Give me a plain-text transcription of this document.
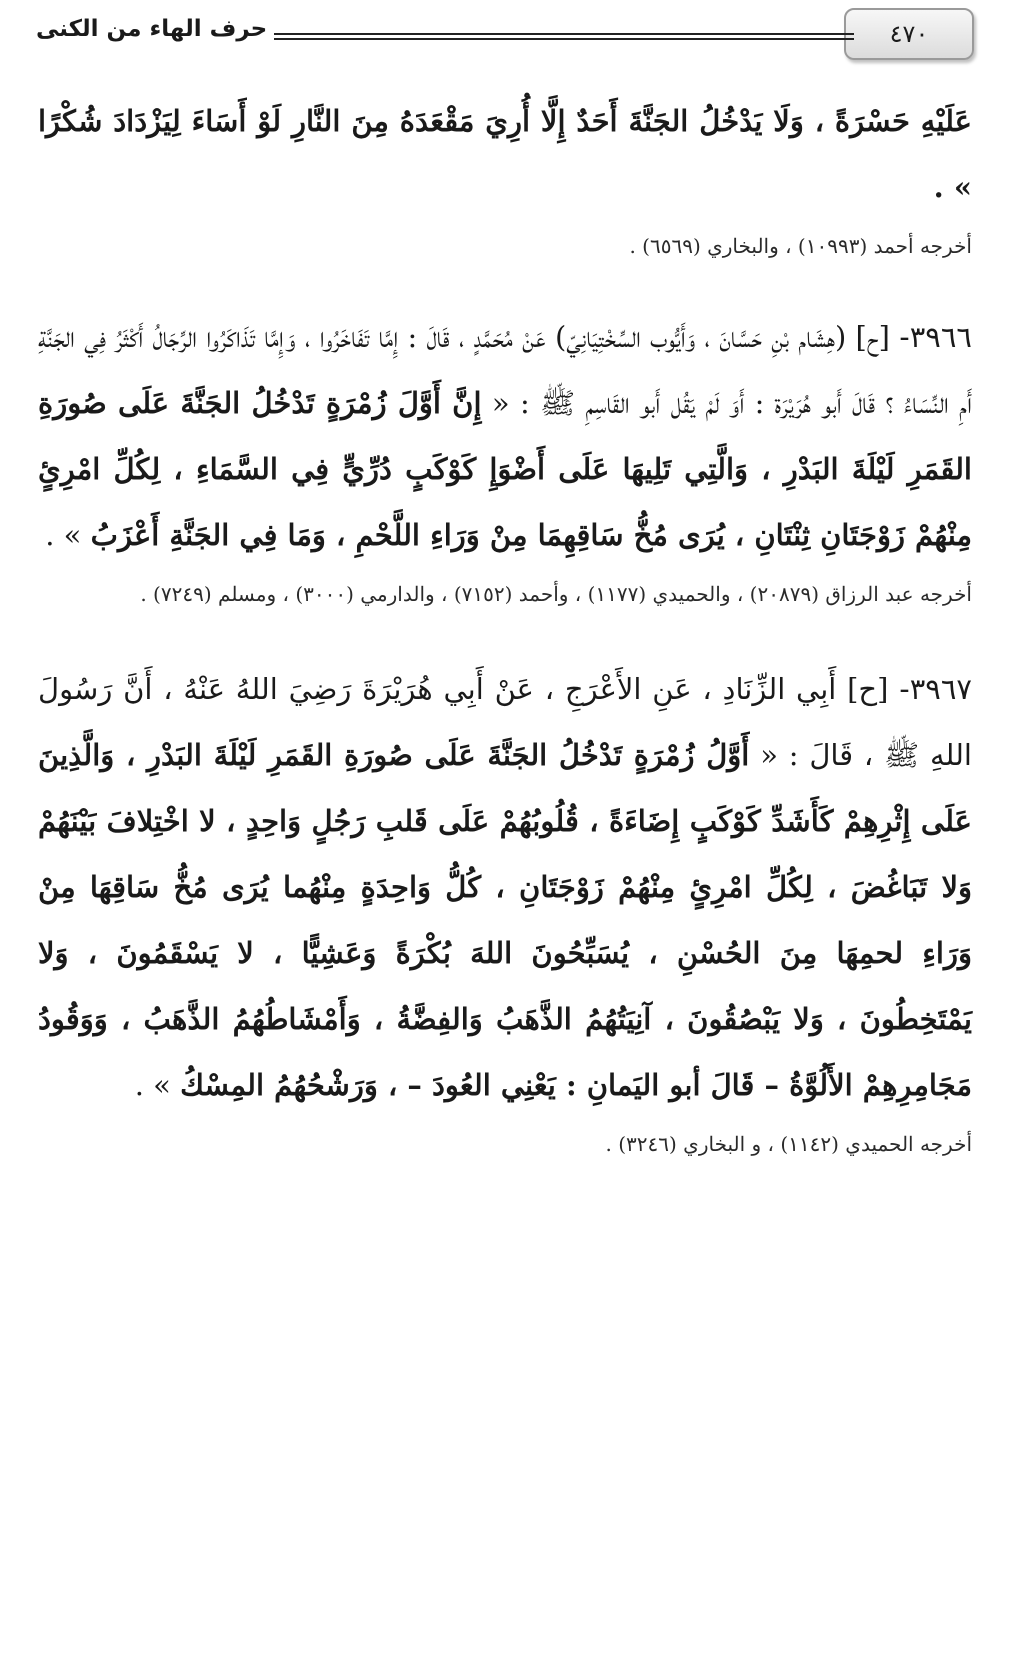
٤٧٠
حرف الهاء من الكنى

عَلَيْهِ حَسْرَةً ، وَلَا يَدْخُلُ الجَنَّةَ أَحَدٌ إِلَّا أُرِيَ مَقْعَدَهُ مِنَ النَّارِ لَوْ أَسَاءَ لِيَزْدَادَ شُكْرًا » .

أخرجه أحمد (١٠٩٩٣) ، والبخاري (٦٥٦٩) .

٣٩٦٦- [ح] (هِشَام بْنِ حَسَّانَ ، وَأَيُّوب السِّخْتِيَانِيّ) عَنْ مُحَمَّدٍ ، قَالَ : إِمَّا تَفَاخَرُوا ، وَإِمَّا تَذَاكَرُوا الرِّجَالُ أَكْثَرُ فِي الجَنَّةِ أَمِ النِّسَاءُ ؟ قَالَ أَبو هُرَيْرَة : أَوَ لَمْ يَقُل أَبو القَاسِمِ ﷺ : « إِنَّ أَوَّلَ زُمْرَةٍ تَدْخُلُ الجَنَّةَ عَلَى صُورَةِ القَمَرِ لَيْلَةَ البَدْرِ ، وَالَّتِي تَلِيهَا عَلَى أَضْوَإِ كَوْكَبٍ دُرِّيٍّ فِي السَّمَاءِ ، لِكُلِّ امْرِئٍ مِنْهُمْ زَوْجَتَانِ ثِنْتَانِ ، يُرَى مُخُّ سَاقِهِمَا مِنْ وَرَاءِ اللَّحْمِ ، وَمَا فِي الجَنَّةِ أَعْزَبُ » .

أخرجه عبد الرزاق (٢٠٨٧٩) ، والحميدي (١١٧٧) ، وأحمد (٧١٥٢) ، والدارمي (٣٠٠٠) ، ومسلم (٧٢٤٩) .

٣٩٦٧- [ح] أَبِي الزِّنَادِ ، عَنِ الأَعْرَجِ ، عَنْ أَبِي هُرَيْرَةَ رَضِيَ اللهُ عَنْهُ ، أَنَّ رَسُولَ اللهِ ﷺ ، قَالَ : « أَوَّلُ زُمْرَةٍ تَدْخُلُ الجَنَّةَ عَلَى صُورَةِ القَمَرِ لَيْلَةَ البَدْرِ ، وَالَّذِينَ عَلَى إِثْرِهِمْ كَأَشَدِّ كَوْكَبٍ إِضَاءَةً ، قُلُوبُهُمْ عَلَى قَلبِ رَجُلٍ وَاحِدٍ ، لا اخْتِلافَ بَيْنَهُمْ وَلا تَبَاغُضَ ، لِكُلِّ امْرِئٍ مِنْهُمْ زَوْجَتَانِ ، كُلُّ وَاحِدَةٍ مِنْهُما يُرَى مُخُّ سَاقِهَا مِنْ وَرَاءِ لحمِهَا مِنَ الحُسْنِ ، يُسَبِّحُونَ اللهَ بُكْرَةً وَعَشِيًّا ، لا يَسْقَمُونَ ، وَلا يَمْتَخِطُونَ ، وَلا يَبْصُقُونَ ، آنِيَتُهُمُ الذَّهَبُ وَالفِضَّةُ ، وَأَمْشَاطُهُمُ الذَّهَبُ ، وَوَقُودُ مَجَامِرِهِمْ الأَلُوَّةُ – قَالَ أبو اليَمانِ : يَعْنِي العُودَ – ، وَرَشْحُهُمُ المِسْكُ » .

أخرجه الحميدي (١١٤٢) ، و البخاري (٣٢٤٦) .
